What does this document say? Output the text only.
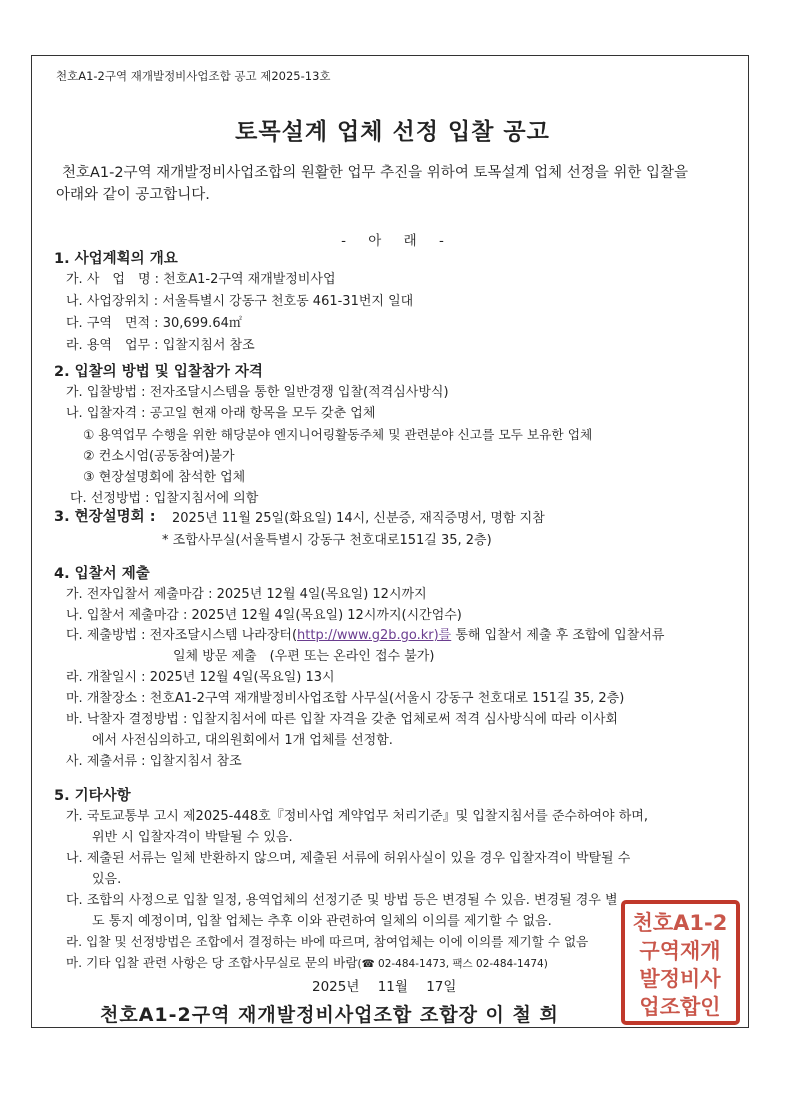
천호A1-2구역 재개발정비사업조합 공고 제2025-13호
토목설계 업체 선정 입찰 공고
천호A1-2구역 재개발정비사업조합의 원활한 업무 추진을 위하여 토목설계 업체 선정을 위한 입찰을
아래와 같이 공고합니다.
- 아 래 -
1. 사업계획의 개요
가. 사　업　명 : 천호A1-2구역 재개발정비사업
나. 사업장위치 : 서울특별시 강동구 천호동 461-31번지 일대
다. 구역　면적 : 30,699.64㎡
라. 용역　업무 : 입찰지침서 참조
2. 입찰의 방법 및 입찰참가 자격
가. 입찰방법 : 전자조달시스템을 통한 일반경쟁 입찰(적격심사방식)
나. 입찰자격 : 공고일 현재 아래 항목을 모두 갖춘 업체
① 용역업무 수행을 위한 해당분야 엔지니어링활동주체 및 관련분야 신고를 모두 보유한 업체
② 컨소시엄(공동참여)불가
③ 현장설명회에 참석한 업체
다. 선정방법 : 입찰지침서에 의함
3. 현장설명회 : 2025년 11월 25일(화요일) 14시, 신분증, 재직증명서, 명함 지참
* 조합사무실(서울특별시 강동구 천호대로151길 35, 2층)
4. 입찰서 제출
가. 전자입찰서 제출마감 : 2025년 12월 4일(목요일) 12시까지
나. 입찰서 제출마감 : 2025년 12월 4일(목요일) 12시까지(시간엄수)
다. 제출방법 : 전자조달시스템 나라장터(http://www.g2b.go.kr)를 통해 입찰서 제출 후 조합에 입찰서류
일체 방문 제출　(우편 또는 온라인 접수 불가)
라. 개찰일시 : 2025년 12월 4일(목요일) 13시
마. 개찰장소 : 천호A1-2구역 재개발정비사업조합 사무실(서울시 강동구 천호대로 151길 35, 2층)
바. 낙찰자 결정방법 : 입찰지침서에 따른 입찰 자격을 갖춘 업체로써 적격 심사방식에 따라 이사회
에서 사전심의하고, 대의원회에서 1개 업체를 선정함.
사. 제출서류 : 입찰지침서 참조
5. 기타사항
가. 국토교통부 고시 제2025-448호『정비사업 계약업무 처리기준』및 입찰지침서를 준수하여야 하며,
위반 시 입찰자격이 박탈될 수 있음.
나. 제출된 서류는 일체 반환하지 않으며, 제출된 서류에 허위사실이 있을 경우 입찰자격이 박탈될 수
있음.
다. 조합의 사정으로 입찰 일정, 용역업체의 선정기준 및 방법 등은 변경될 수 있음. 변경될 경우 별
도 통지 예정이며, 입찰 업체는 추후 이와 관련하여 일체의 이의를 제기할 수 없음.
라. 입찰 및 선정방법은 조합에서 결정하는 바에 따르며, 참여업체는 이에 이의를 제기할 수 없음
마. 기타 입찰 관련 사항은 당 조합사무실로 문의 바람(☎ 02-484-1473, 팩스 02-484-1474)
2025년 11월 17일
천호A1-2구역 재개발정비사업조합 조합장 이 철 희
천호A1-2
구역재개
발정비사
업조합인
